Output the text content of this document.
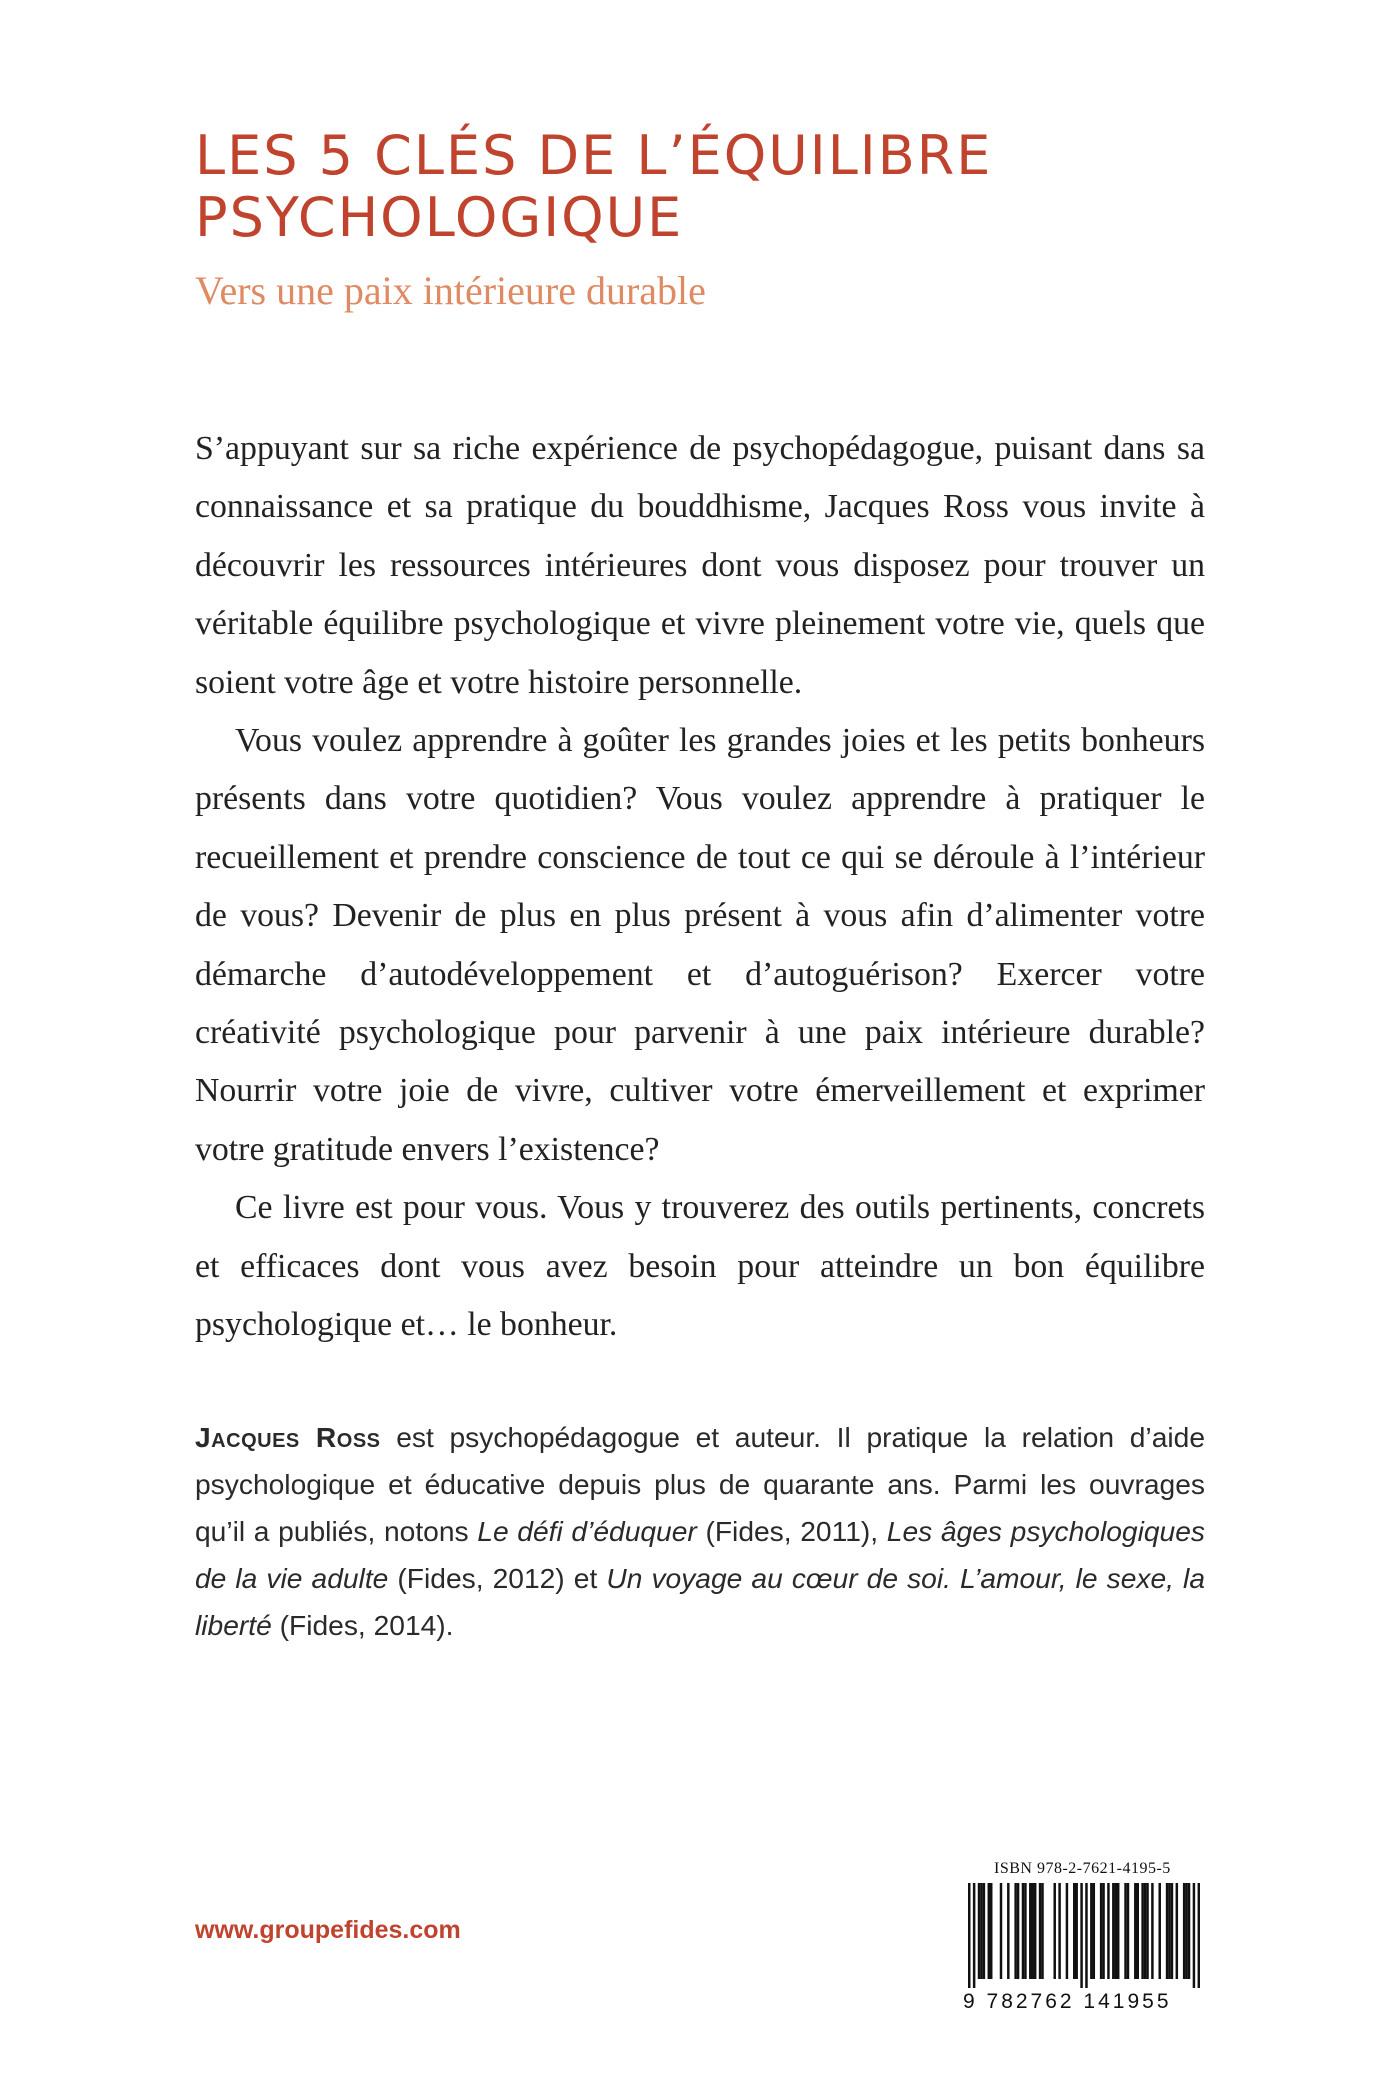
LES 5 CLÉS DE L’ÉQUILIBRE
PSYCHOLOGIQUE
Vers une paix intérieure durable

S’appuyant sur sa riche expérience de psychopédagogue, puisant dans sa connaissance et sa pratique du bouddhisme, Jacques Ross vous invite à découvrir les ressources intérieures dont vous disposez pour trouver un véritable équilibre psychologique et vivre pleinement votre vie, quels que soient votre âge et votre histoire personnelle.

Vous voulez apprendre à goûter les grandes joies et les petits bonheurs présents dans votre quotidien? Vous voulez apprendre à pratiquer le recueillement et prendre conscience de tout ce qui se déroule à l’intérieur de vous? Devenir de plus en plus présent à vous afin d’alimenter votre démarche d’autodéveloppement et d’autoguérison? Exercer votre créativité psychologique pour parvenir à une paix intérieure durable? Nourrir votre joie de vivre, cultiver votre émerveillement et exprimer votre gratitude envers l’existence?

Ce livre est pour vous. Vous y trouverez des outils pertinents, concrets et efficaces dont vous avez besoin pour atteindre un bon équilibre psychologique et… le bonheur.

Jacques Ross est psychopédagogue et auteur. Il pratique la relation d’aide psychologique et éducative depuis plus de quarante ans. Parmi les ouvrages qu’il a publiés, notons Le défi d’éduquer (Fides, 2011), Les âges psychologiques de la vie adulte (Fides, 2012) et Un voyage au cœur de soi. L’amour, le sexe, la liberté (Fides, 2014).

www.groupefides.com
ISBN 978-2-7621-4195-5
9 782762 141955
